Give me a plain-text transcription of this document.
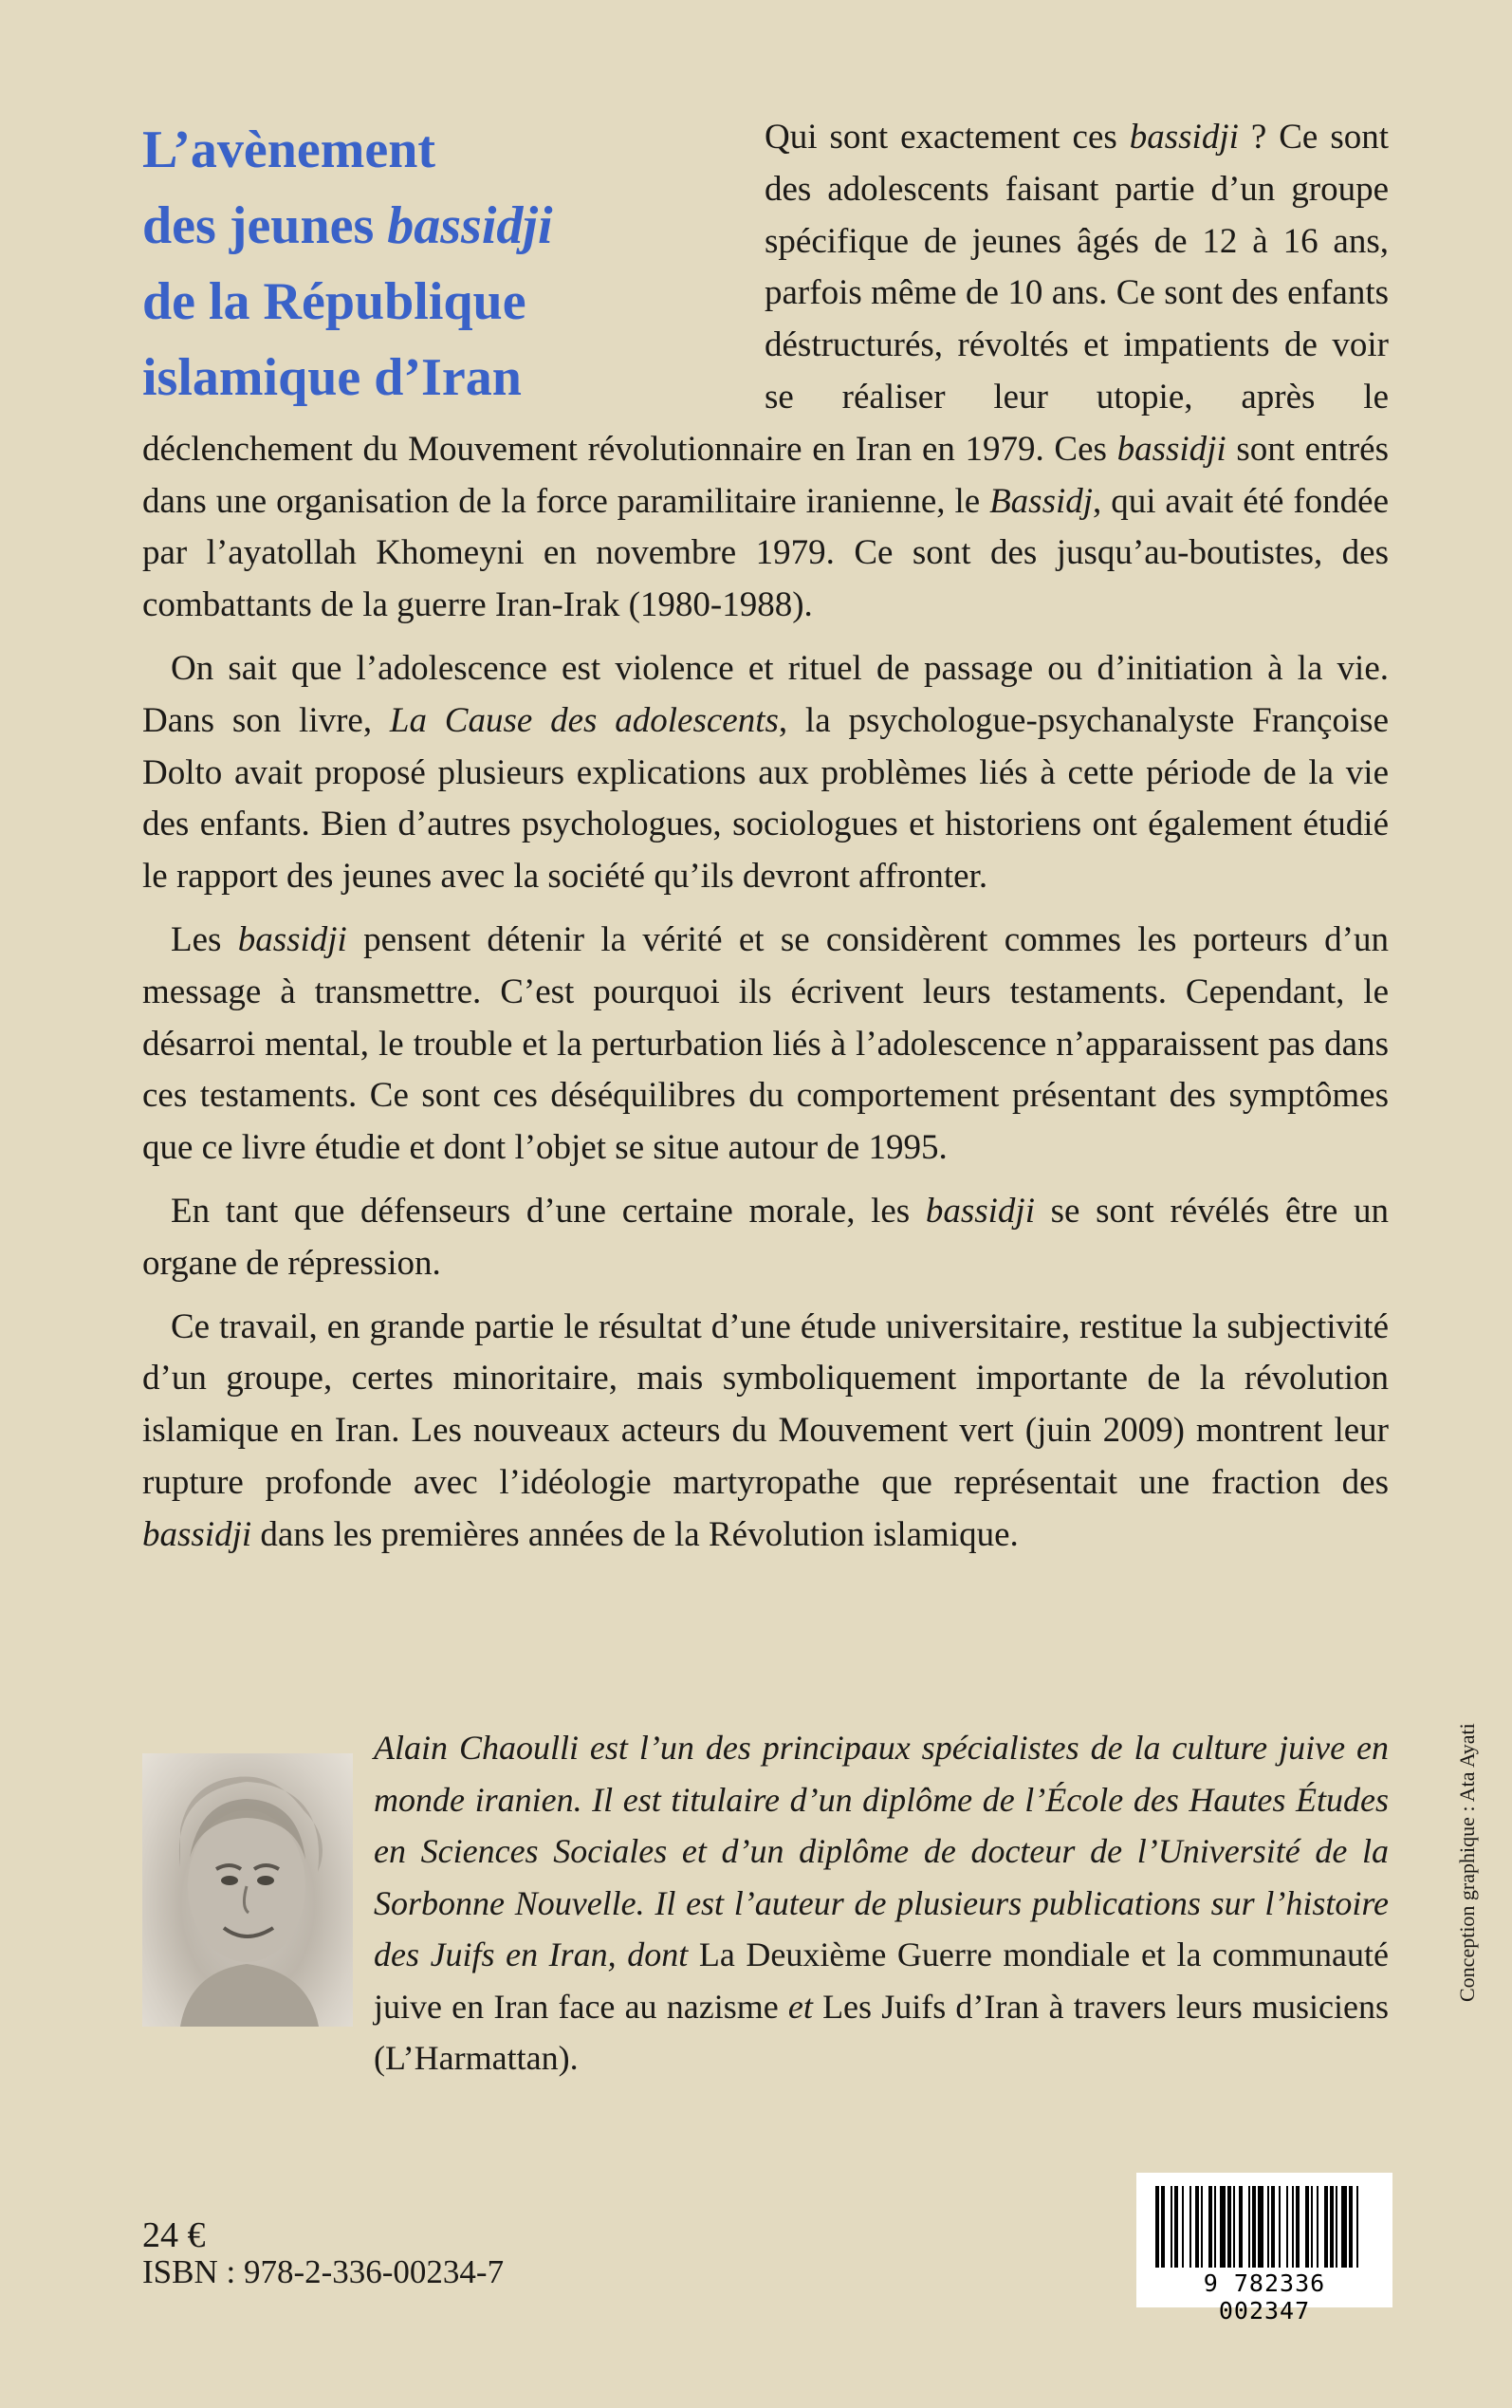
Qui sont exactement ces bassidji ? Ce sont des adolescents faisant partie d’un groupe spécifique de jeunes âgés de 12 à 16 ans, parfois même de 10 ans. Ce sont des enfants déstructurés, révoltés et impatients de voir se réaliser leur utopie, après le déclenchement du Mouvement révolutionnaire en Iran en 1979. Ces bassidji sont entrés dans une organisation de la force paramilitaire iranienne, le Bassidj, qui avait été fondée par l’ayatollah Khomeyni en novembre 1979. Ce sont des jusqu’au-boutistes, des combattants de la guerre Iran-Irak (1980-1988).

On sait que l’adolescence est violence et rituel de passage ou d’initiation à la vie. Dans son livre, La Cause des adolescents, la psychologue-psychanalyste Françoise Dolto avait proposé plusieurs explications aux problèmes liés à cette période de la vie des enfants. Bien d’autres psychologues, sociologues et historiens ont également étudié le rapport des jeunes avec la société qu’ils devront affronter.

Les bassidji pensent détenir la vérité et se considèrent commes les porteurs d’un message à transmettre. C’est pourquoi ils écrivent leurs testaments. Cependant, le désarroi mental, le trouble et la perturbation liés à l’adolescence n’apparaissent pas dans ces testaments. Ce sont ces déséquilibres du comportement présentant des symptômes que ce livre étudie et dont l’objet se situe autour de 1995.

En tant que défenseurs d’une certaine morale, les bassidji se sont révélés être un organe de répression.

Ce travail, en grande partie le résultat d’une étude universitaire, restitue la subjectivité d’un groupe, certes minoritaire, mais symboliquement importante de la révolution islamique en Iran. Les nouveaux acteurs du Mouvement vert (juin 2009) montrent leur rupture profonde avec l’idéologie martyropathe que représentait une fraction des bassidji dans les premières années de la Révolution islamique.

L’avènement
des jeunes bassidji
de la République
islamique d’Iran

Alain Chaoulli est l’un des principaux spécialistes de la culture juive en monde iranien. Il est titulaire d’un diplôme de l’École des Hautes Études en Sciences Sociales et d’un diplôme de docteur de l’Université de la Sorbonne Nouvelle. Il est l’auteur de plusieurs publications sur l’histoire des Juifs en Iran, dont La Deuxième Guerre mondiale et la communauté juive en Iran face au nazisme et Les Juifs d’Iran à travers leurs musiciens (L’Harmattan).

Conception graphique : Ata Ayati
24 €
ISBN : 978-2-336-00234-7	9 782336 002347
